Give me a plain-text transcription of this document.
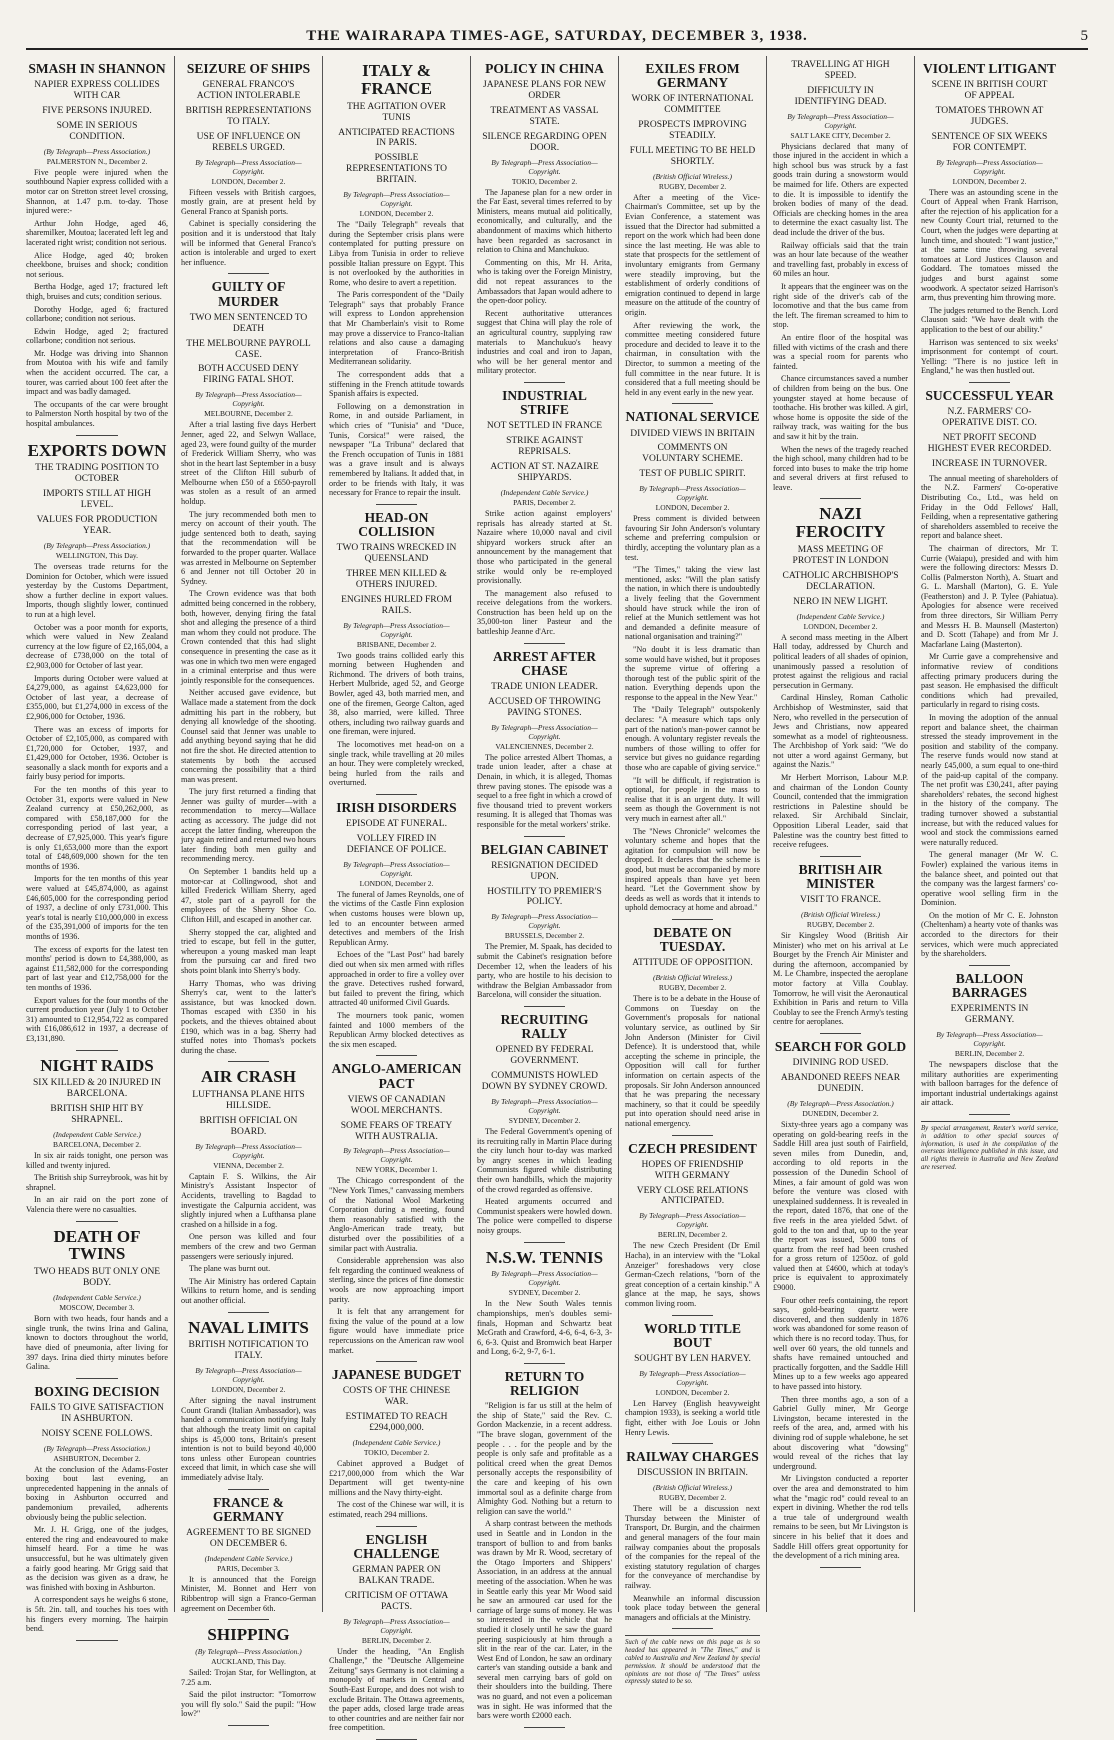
THE WAIRARAPA TIMES-AGE, SATURDAY, DECEMBER 3, 1938.	5
SMASH IN SHANNON
NAPIER EXPRESS COLLIDES WITH CAR
FIVE PERSONS INJURED.
SOME IN SERIOUS CONDITION.
(By Telegraph—Press Association.)
PALMERSTON N., December 2.

Five people were injured when the southbound Napier express collided with a motor car on Stretton street level crossing, Shannon, at 1.47 p.m. to-day. Those injured were:-

Arthur John Hodge, aged 46, sharemilker, Moutoa; lacerated left leg and lacerated right wrist; condition not serious.

Alice Hodge, aged 40; broken cheekbone, bruises and shock; condition not serious.

Bertha Hodge, aged 17; fractured left thigh, bruises and cuts; condition serious.

Dorothy Hodge, aged 6; fractured collarbone; condition not serious.

Edwin Hodge, aged 2; fractured collarbone; condition not serious.

Mr. Hodge was driving into Shannon from Moutoa with his wife and family when the accident occurred. The car, a tourer, was carried about 100 feet after the impact and was badly damaged.

The occupants of the car were brought to Palmerston North hospital by two of the hospital ambulances.

EXPORTS DOWN
THE TRADING POSITION TO OCTOBER
IMPORTS STILL AT HIGH LEVEL.
VALUES FOR PRODUCTION YEAR.
(By Telegraph—Press Association.)
WELLINGTON, This Day.

The overseas trade returns for the Dominion for October, which were issued yesterday by the Customs Department, show a further decline in export values. Imports, though slightly lower, continued to run at a high level.

October was a poor month for exports, which were valued in New Zealand currency at the low figure of £2,165,004, a decrease of £738,000 on the total of £2,903,000 for October of last year.

Imports during October were valued at £4,279,000, as against £4,623,000 for October of last year, a decrease of £355,000, but £1,274,000 in excess of the £2,906,000 for October, 1936.

There was an excess of imports for October of £2,105,000, as compared with £1,720,000 for October, 1937, and £1,429,000 for October, 1936. October is seasonally a slack month for exports and a fairly busy period for imports.

For the ten months of this year to October 31, exports were valued in New Zealand currency at £50,262,000, as compared with £58,187,000 for the corresponding period of last year, a decrease of £7,925,000. This year's figure is only £1,653,000 more than the export total of £48,609,000 shown for the ten months of 1936.

Imports for the ten months of this year were valued at £45,874,000, as against £46,605,000 for the corresponding period of 1937, a decline of only £731,000. This year's total is nearly £10,000,000 in excess of the £35,391,000 of imports for the ten months of 1936.

The excess of exports for the latest ten months' period is down to £4,388,000, as against £11,582,000 for the corresponding part of last year and £12,758,000 for the ten months of 1936.

Export values for the four months of the current production year (July 1 to October 31) amounted to £12,954,722 as compared with £16,086,612 in 1937, a decrease of £3,131,890.

NIGHT RAIDS
SIX KILLED & 20 INJURED IN BARCELONA.
BRITISH SHIP HIT BY SHRAPNEL.
(Independent Cable Service.)
BARCELONA, December 2.

In six air raids tonight, one person was killed and twenty injured.

The British ship Surreybrook, was hit by shrapnel.

In an air raid on the port zone of Valencia there were no casualties.

DEATH OF TWINS
TWO HEADS BUT ONLY ONE BODY.
(Independent Cable Service.)
MOSCOW, December 3.

Born with two heads, four hands and a single trunk, the twins Irina and Galina, known to doctors throughout the world, have died of pneumonia, after living for 397 days. Irina died thirty minutes before Galina.

BOXING DECISION
FAILS TO GIVE SATISFACTION IN ASHBURTON.
NOISY SCENE FOLLOWS.
(By Telegraph—Press Association.)
ASHBURTON, December 2.

At the conclusion of the Adams-Foster boxing bout last evening, an unprecedented happening in the annals of boxing in Ashburton occurred and pandemonium prevailed, adherents obviously being the public selection.

Mr. J. H. Grigg, one of the judges, entered the ring and endeavoured to make himself heard. For a time he was unsuccessful, but he was ultimately given a fairly good hearing. Mr Grigg said that as the decision was given as a draw, he was finished with boxing in Ashburton.

A correspondent says he weighs 6 stone, is 5ft. 2in. tall, and touches his toes with his fingers every morning. The hairpin bend.

SEIZURE OF SHIPS
GENERAL FRANCO'S ACTION INTOLERABLE
BRITISH REPRESENTATIONS TO ITALY.
USE OF INFLUENCE ON REBELS URGED.
By Telegraph—Press Association—Copyright.
LONDON, December 2.

Fifteen vessels with British cargoes, mostly grain, are at present held by General Franco at Spanish ports.

Cabinet is specially considering the position and it is understood that Italy will be informed that General Franco's action is intolerable and urged to exert her influence.

GUILTY OF MURDER
TWO MEN SENTENCED TO DEATH
THE MELBOURNE PAYROLL CASE.
BOTH ACCUSED DENY FIRING FATAL SHOT.
By Telegraph—Press Association—Copyright.
MELBOURNE, December 2.

After a trial lasting five days Herbert Jenner, aged 22, and Selwyn Wallace, aged 23, were found guilty of the murder of Frederick William Sherry, who was shot in the heart last September in a busy street of the Clifton Hill suburb of Melbourne when £50 of a £650-payroll was stolen as a result of an armed holdup.

The jury recommended both men to mercy on account of their youth. The judge sentenced both to death, saying that the recommendation will be forwarded to the proper quarter. Wallace was arrested in Melbourne on September 6 and Jenner not till October 20 in Sydney.

The Crown evidence was that both admitted being concerned in the robbery, both, however, denying firing the fatal shot and alleging the presence of a third man whom they could not produce. The Crown contended that this had slight consequence in presenting the case as it was one in which two men were engaged in a criminal enterprise and thus were jointly responsible for the consequences.

Neither accused gave evidence, but Wallace made a statement from the dock admitting his part in the robbery, but denying all knowledge of the shooting. Counsel said that Jenner was unable to add anything beyond saying that he did not fire the shot. He directed attention to statements by both the accused concerning the possibility that a third man was present.

The jury first returned a finding that Jenner was guilty of murder—with a recommendation to mercy—Wallace acting as accessory. The judge did not accept the latter finding, whereupon the jury again retired and returned two hours later finding both men guilty and recommending mercy.

On September 1 bandits held up a motor-car at Collingwood, shot and killed Frederick William Sherry, aged 47, stole part of a payroll for the employees of the Sherry Shoe Co. Clifton Hill, and escaped in another car.

Sherry stopped the car, alighted and tried to escape, but fell in the gutter, whereupon a young masked man leapt from the pursuing car and fired two shots point blank into Sherry's body.

Harry Thomas, who was driving Sherry's car, went to the latter's assistance, but was knocked down. Thomas escaped with £350 in his pockets, and the thieves obtained about £190, which was in a bag. Sherry had stuffed notes into Thomas's pockets during the chase.

AIR CRASH
LUFTHANSA PLANE HITS HILLSIDE.
BRITISH OFFICIAL ON BOARD.
By Telegraph—Press Association—Copyright.
VIENNA, December 2.

Captain F. S. Wilkins, the Air Ministry's Assistant Inspector of Accidents, travelling to Bagdad to investigate the Calpurnia accident, was slightly injured when a Lufthansa plane crashed on a hillside in a fog.

One person was killed and four members of the crew and two German passengers were seriously injured.

The plane was burnt out.

The Air Ministry has ordered Captain Wilkins to return home, and is sending out another official.

NAVAL LIMITS
BRITISH NOTIFICATION TO ITALY.
By Telegraph—Press Association—Copyright.
LONDON, December 2.

After signing the naval instrument Count Grandi (Italian Ambassador), was handed a communication notifying Italy that although the treaty limit on capital ships is 45,000 tons, Britain's present intention is not to build beyond 40,000 tons unless other European countries exceed that limit, in which case she will immediately advise Italy.

FRANCE & GERMANY
AGREEMENT TO BE SIGNED ON DECEMBER 6.
(Independent Cable Service.)
PARIS, December 3.

It is announced that the Foreign Minister, M. Bonnet and Herr von Ribbentrop will sign a Franco-German agreement on December 6th.

SHIPPING
(By Telegraph—Press Association.)
AUCKLAND, This Day.

Sailed: Trojan Star, for Wellington, at 7.25 a.m.

Said the pilot instructor: "Tomorrow you will fly solo." Said the pupil: "How low?"

ITALY & FRANCE
THE AGITATION OVER TUNIS
ANTICIPATED REACTIONS IN PARIS.
POSSIBLE REPRESENTATIONS TO BRITAIN.
By Telegraph—Press Association—Copyright.
LONDON, December 2.

The "Daily Telegraph" reveals that during the September crisis plans were contemplated for putting pressure on Libya from Tunisia in order to relieve possible Italian pressure on Egypt. This is not overlooked by the authorities in Rome, who desire to avert a repetition.

The Paris correspondent of the "Daily Telegraph" says that probably France will express to London apprehension that Mr Chamberlain's visit to Rome may prove a disservice to Franco-Italian relations and also cause a damaging interpretation of Franco-British Mediterranean solidarity.

The correspondent adds that a stiffening in the French attitude towards Spanish affairs is expected.

Following on a demonstration in Rome, in and outside Parliament, in which cries of "Tunisia" and "Duce, Tunis, Corsica!" were raised, the newspaper "La Tribuna" declared that the French occupation of Tunis in 1881 was a grave insult and is always remembered by Italians. It added that, in order to be friends with Italy, it was necessary for France to repair the insult.

HEAD-ON COLLISION
TWO TRAINS WRECKED IN QUEENSLAND
THREE MEN KILLED & OTHERS INJURED.
ENGINES HURLED FROM RAILS.
By Telegraph—Press Association—Copyright.
BRISBANE, December 2.

Two goods trains collided early this morning between Hughenden and Richmond. The drivers of both trains, Herbert Mulbride, aged 52, and George Bowler, aged 43, both married men, and one of the firemen, George Calton, aged 38, also married, were killed. Three others, including two railway guards and one fireman, were injured.

The locomotives met head-on on a single track, while travelling at 20 miles an hour. They were completely wrecked, being hurled from the rails and overturned.

IRISH DISORDERS
EPISODE AT FUNERAL.
VOLLEY FIRED IN DEFIANCE OF POLICE.
By Telegraph—Press Association—Copyright.
LONDON, December 2.

The funeral of James Reynolds, one of the victims of the Castle Finn explosion when customs houses were blown up, led to an encounter between armed detectives and members of the Irish Republican Army.

Echoes of the "Last Post" had barely died out when six men armed with rifles approached in order to fire a volley over the grave. Detectives rushed forward, but failed to prevent the firing, which attracted 40 uniformed Civil Guards.

The mourners took panic, women fainted and 1000 members of the Republican Army blocked detectives as the six men escaped.

ANGLO-AMERICAN PACT
VIEWS OF CANADIAN WOOL MERCHANTS.
SOME FEARS OF TREATY WITH AUSTRALIA.
By Telegraph—Press Association—Copyright.
NEW YORK, December 1.

The Chicago correspondent of the "New York Times," canvassing members of the National Wool Marketing Corporation during a meeting, found them reasonably satisfied with the Anglo-American trade treaty, but disturbed over the possibilities of a similar pact with Australia.

Considerable apprehension was also felt regarding the continued weakness of sterling, since the prices of fine domestic wools are now approaching import parity.

It is felt that any arrangement for fixing the value of the pound at a low figure would have immediate price repercussions on the American raw wool market.

JAPANESE BUDGET
COSTS OF THE CHINESE WAR.
ESTIMATED TO REACH £294,000,000.
(Independent Cable Service.)
TOKIO, December 2.

Cabinet approved a Budget of £217,000,000 from which the War Department will get twenty-nine millions and the Navy thirty-eight.

The cost of the Chinese war will, it is estimated, reach 294 millions.

ENGLISH CHALLENGE
GERMAN PAPER ON BALKAN TRADE.
CRITICISM OF OTTAWA PACTS.
By Telegraph—Press Association—Copyright.
BERLIN, December 2.

Under the heading, "An English Challenge," the "Deutsche Allgemeine Zeitung" says Germany is not claiming a monopoly of markets in Central and South-East Europe, and does not wish to exclude Britain. The Ottawa agreements, the paper adds, closed large trade areas to other countries and are neither fair nor free competition.

POLICY IN CHINA
JAPANESE PLANS FOR NEW ORDER
TREATMENT AS VASSAL STATE.
SILENCE REGARDING OPEN DOOR.
By Telegraph—Press Association—Copyright.
TOKIO, December 2.

The Japanese plan for a new order in the Far East, several times referred to by Ministers, means mutual aid politically, economically, and culturally, and the abandonment of maxims which hitherto have been regarded as sacrosanct in relation to China and Manchukuo.

Commenting on this, Mr H. Arita, who is taking over the Foreign Ministry, did not repeat assurances to the Ambassadors that Japan would adhere to the open-door policy.

Recent authoritative utterances suggest that China will play the role of an agricultural country, supplying raw materials to Manchukuo's heavy industries and coal and iron to Japan, who will be her general mentor and military protector.

INDUSTRIAL STRIFE
NOT SETTLED IN FRANCE
STRIKE AGAINST REPRISALS.
ACTION AT ST. NAZAIRE SHIPYARDS.
(Independent Cable Service.)
PARIS, December 2.

Strike action against employers' reprisals has already started at St. Nazaire where 10,000 naval and civil shipyard workers struck after an announcement by the management that those who participated in the general strike would only be re-employed provisionally.

The management also refused to receive delegations from the workers. Construction has been held up on the 35,000-ton liner Pasteur and the battleship Jeanne d'Arc.

ARREST AFTER CHASE
TRADE UNION LEADER.
ACCUSED OF THROWING PAVING STONES.
By Telegraph—Press Association—Copyright.
VALENCIENNES, December 2.

The police arrested Albert Thomas, a trade union leader, after a chase at Denain, in which, it is alleged, Thomas threw paving stones. The episode was a sequel to a free fight in which a crowd of five thousand tried to prevent workers resuming. It is alleged that Thomas was responsible for the metal workers' strike.

BELGIAN CABINET
RESIGNATION DECIDED UPON.
HOSTILITY TO PREMIER'S POLICY.
By Telegraph—Press Association—Copyright.
BRUSSELS, December 2.

The Premier, M. Spaak, has decided to submit the Cabinet's resignation before December 12, when the leaders of his party, who are hostile to his decision to withdraw the Belgian Ambassador from Barcelona, will consider the situation.

RECRUITING RALLY
OPENED BY FEDERAL GOVERNMENT.
COMMUNISTS HOWLED DOWN BY SYDNEY CROWD.
By Telegraph—Press Association—Copyright.
SYDNEY, December 2.

The Federal Government's opening of its recruiting rally in Martin Place during the city lunch hour to-day was marked by angry scenes in which leading Communists figured while distributing their own handbills, which the majority of the crowd regarded as offensive.

Heated arguments occurred and Communist speakers were howled down. The police were compelled to disperse noisy groups.

N.S.W. TENNIS
By Telegraph—Press Association—Copyright.
SYDNEY, December 2.

In the New South Wales tennis championships, men's doubles semi-finals, Hopman and Schwartz beat McGrath and Crawford, 4-6, 6-4, 6-3, 3-6, 6-3. Quist and Bromwich beat Harper and Long, 6-2, 9-7, 6-1.

RETURN TO RELIGION

"Religion is far us still at the helm of the ship of State," said the Rev. C. Gordon Mackenzie, in a recent address. "The brave slogan, government of the people . . . for the people and by the people is only safe and profitable as a political creed when the great Demos personally accepts the responsibility of the care and keeping of his own immortal soul as a definite charge from Almighty God. Nothing but a return to religion can save the world."

A sharp contrast between the methods used in Seattle and in London in the transport of bullion to and from banks was drawn by Mr R. Wood, secretary of the Otago Importers and Shippers' Association, in an address at the annual meeting of the association. When he was in Seattle early this year Mr Wood said he saw an armoured car used for the carriage of large sums of money. He was so interested in the vehicle that he studied it closely until he saw the guard peering suspiciously at him through a slit in the rear of the car. Later, in the West End of London, he saw an ordinary carter's van standing outside a bank and several men carrying bars of gold on their shoulders into the building. There was no guard, and not even a policeman was in sight. He was informed that the bars were worth £2000 each.

EXILES FROM GERMANY
WORK OF INTERNATIONAL COMMITTEE
PROSPECTS IMPROVING STEADILY.
FULL MEETING TO BE HELD SHORTLY.
(British Official Wireless.)
RUGBY, December 2.

After a meeting of the Vice-Chairman's Committee, set up by the Evian Conference, a statement was issued that the Director had submitted a report on the work which had been done since the last meeting. He was able to state that prospects for the settlement of involuntary emigrants from Germany were steadily improving, but the establishment of orderly conditions of emigration continued to depend in large measure on the attitude of the country of origin.

After reviewing the work, the committee meeting considered future procedure and decided to leave it to the chairman, in consultation with the Director, to summon a meeting of the full committee in the near future. It is considered that a full meeting should be held in any event early in the new year.

NATIONAL SERVICE
DIVIDED VIEWS IN BRITAIN
COMMENTS ON VOLUNTARY SCHEME.
TEST OF PUBLIC SPIRIT.
By Telegraph—Press Association—Copyright.
LONDON, December 2.

Press comment is divided between favouring Sir John Anderson's voluntary scheme and preferring compulsion or thirdly, accepting the voluntary plan as a test.

"The Times," taking the view last mentioned, asks: "Will the plan satisfy the nation, in which there is undoubtedly a lively feeling that the Government should have struck while the iron of relief at the Munich settlement was hot and demanded a definite measure of national organisation and training?"

"No doubt it is less dramatic than some would have wished, but it proposes the supreme virtue of offering a thorough test of the public spirit of the nation. Everything depends upon the response to the appeal in the New Year."

The "Daily Telegraph" outspokenly declares: "A measure which taps only part of the nation's man-power cannot be enough. A voluntary register reveals the numbers of those willing to offer for service but gives no guidance regarding those who are capable of giving service."

"It will be difficult, if registration is optional, for people in the mass to realise that it is an urgent duty. It will seem as though the Government is not very much in earnest after all."

The "News Chronicle" welcomes the voluntary scheme and hopes that the agitation for compulsion will now be dropped. It declares that the scheme is good, but must be accompanied by more inspired appeals than have yet been heard. "Let the Government show by deeds as well as words that it intends to uphold democracy at home and abroad."

DEBATE ON TUESDAY.
ATTITUDE OF OPPOSITION.
(British Official Wireless.)
RUGBY, December 2.

There is to be a debate in the House of Commons on Tuesday on the Government's proposals for national voluntary service, as outlined by Sir John Anderson (Minister for Civil Defence). It is understood that, while accepting the scheme in principle, the Opposition will call for further information on certain aspects of the proposals. Sir John Anderson announced that he was preparing the necessary machinery, so that it could be speedily put into operation should need arise in national emergency.

CZECH PRESIDENT
HOPES OF FRIENDSHIP WITH GERMANY
VERY CLOSE RELATIONS ANTICIPATED.
By Telegraph—Press Association—Copyright.
BERLIN, December 2.

The new Czech President (Dr Emil Hacha), in an interview with the "Lokal Anzeiger" foreshadows very close German-Czech relations, "born of the great conception of a certain kinship." A glance at the map, he says, shows common living room.

WORLD TITLE BOUT
SOUGHT BY LEN HARVEY.
By Telegraph—Press Association—Copyright.
LONDON, December 2.

Len Harvey (English heavyweight champion 1933), is seeking a world title fight, either with Joe Louis or John Henry Lewis.

RAILWAY CHARGES
DISCUSSION IN BRITAIN.
(British Official Wireless.)
RUGBY, December 2.

There will be a discussion next Thursday between the Minister of Transport, Dr. Burgin, and the chairmen and general managers of the four main railway companies about the proposals of the companies for the repeal of the existing statutory regulation of charges for the conveyance of merchandise by railway.

Meanwhile an informal discussion took place today between the general managers and officials at the Ministry.

Such of the cable news on this page as is so headed has appeared in "The Times," and is cabled to Australia and New Zealand by special permission. It should be understood that the opinions are not those of "The Times" unless expressly stated to be so.
TRAVELLING AT HIGH SPEED.
DIFFICULTY IN IDENTIFYING DEAD.
By Telegraph—Press Association—Copyright.
SALT LAKE CITY, December 2.

Physicians declared that many of those injured in the accident in which a high school bus was struck by a fast goods train during a snowstorm would be maimed for life. Others are expected to die. It is impossible to identify the broken bodies of many of the dead. Officials are checking homes in the area to determine the exact casualty list. The dead include the driver of the bus.

Railway officials said that the train was an hour late because of the weather and travelling fast, probably in excess of 60 miles an hour.

It appears that the engineer was on the right side of the driver's cab of the locomotive and that the bus came from the left. The fireman screamed to him to stop.

An entire floor of the hospital was filled with victims of the crash and there was a special room for parents who fainted.

Chance circumstances saved a number of children from being on the bus. One youngster stayed at home because of toothache. His brother was killed. A girl, whose home is opposite the side of the railway track, was waiting for the bus and saw it hit by the train.

When the news of the tragedy reached the high school, many children had to be forced into buses to make the trip home and several drivers at first refused to leave.

NAZI FEROCITY
MASS MEETING OF PROTEST IN LONDON
CATHOLIC ARCHBISHOP'S DECLARATION.
NERO IN NEW LIGHT.
(Independent Cable Service.)
LONDON, December 2.

A second mass meeting in the Albert Hall today, addressed by Church and political leaders of all shades of opinion, unanimously passed a resolution of protest against the religious and racial persecution in Germany.

Cardinal Hinsley, Roman Catholic Archbishop of Westminster, said that Nero, who revelled in the persecution of Jews and Christians, now appeared somewhat as a model of righteousness. The Archbishop of York said: "We do not utter a word against Germany, but against the Nazis."

Mr Herbert Morrison, Labour M.P. and chairman of the London County Council, contended that the immigration restrictions in Palestine should be relaxed. Sir Archibald Sinclair, Opposition Liberal Leader, said that Palestine was the country best fitted to receive refugees.

BRITISH AIR MINISTER
VISIT TO FRANCE.
(British Official Wireless.)
RUGBY, December 2.

Sir Kingsley Wood (British Air Minister) who met on his arrival at Le Bourget by the French Air Minister and during the afternoon, accompanied by M. Le Chambre, inspected the aeroplane motor factory at Villa Coublay. Tomorrow, he will visit the Aeronautical Exhibition in Paris and return to Villa Coublay to see the French Army's testing centre for aeroplanes.

SEARCH FOR GOLD
DIVINING ROD USED.
ABANDONED REEFS NEAR DUNEDIN.
(By Telegraph—Press Association.)
DUNEDIN, December 2.

Sixty-three years ago a company was operating on gold-bearing reefs in the Saddle Hill area just south of Fairfield, seven miles from Dunedin, and, according to old reports in the possession of the Dunedin School of Mines, a fair amount of gold was won before the venture was closed with unexplained suddenness. It is revealed in the report, dated 1876, that one of the five reefs in the area yielded 5dwt. of gold to the ton and that, up to the year the report was issued, 5000 tons of quartz from the reef had been crushed for a gross return of 1250oz. of gold valued then at £4600, which at today's price is equivalent to approximately £9000.

Four other reefs containing, the report says, gold-bearing quartz were discovered, and then suddenly in 1876 work was abandoned for some reason of which there is no record today. Thus, for well over 60 years, the old tunnels and shafts have remained untouched and practically forgotten, and the Saddle Hill Mines up to a few weeks ago appeared to have passed into history.

Then three months ago, a son of a Gabriel Gully miner, Mr George Livingston, became interested in the reefs of the area, and, armed with his divining rod of supple whalebone, he set about discovering what "dowsing" would reveal of the riches that lay underground.

Mr Livingston conducted a reporter over the area and demonstrated to him what the "magic rod" could reveal to an expert in divining. Whether the rod tells a true tale of underground wealth remains to be seen, but Mr Livingston is sincere in his belief that it does and Saddle Hill offers great opportunity for the development of a rich mining area.

VIOLENT LITIGANT
SCENE IN BRITISH COURT OF APPEAL
TOMATOES THROWN AT JUDGES.
SENTENCE OF SIX WEEKS FOR CONTEMPT.
By Telegraph—Press Association—Copyright.
LONDON, December 2.

There was an astounding scene in the Court of Appeal when Frank Harrison, after the rejection of his application for a new County Court trial, returned to the Court, when the judges were departing at lunch time, and shouted: "I want justice," at the same time throwing several tomatoes at Lord Justices Clauson and Goddard. The tomatoes missed the judges and burst against some woodwork. A spectator seized Harrison's arm, thus preventing him throwing more.

The judges returned to the Bench. Lord Clauson said: "We have dealt with the application to the best of our ability."

Harrison was sentenced to six weeks' imprisonment for contempt of court. Yelling: "There is no justice left in England," he was then hustled out.

SUCCESSFUL YEAR
N.Z. FARMERS' CO-OPERATIVE DIST. CO.
NET PROFIT SECOND HIGHEST EVER RECORDED.
INCREASE IN TURNOVER.

The annual meeting of shareholders of the N.Z. Farmers' Co-operative Distributing Co., Ltd., was held on Friday in the Odd Fellows' Hall, Feilding, when a representative gathering of shareholders assembled to receive the report and balance sheet.

The chairman of directors, Mr T. Currie (Waiapu), presided and with him were the following directors: Messrs D. Collis (Palmerston North), A. Stuart and G. L. Marshall (Marton), G. E. Yule (Featherston) and J. P. Tylee (Pahiatua). Apologies for absence were received from three directors, Sir William Perry and Messrs H. B. Maunsell (Masterton) and D. Scott (Tahape) and from Mr J. Macfarlane Laing (Masterton).

Mr Currie gave a comprehensive and informative review of conditions affecting primary producers during the past season. He emphasised the difficult conditions which had prevailed, particularly in regard to rising costs.

In moving the adoption of the annual report and balance sheet, the chairman stressed the steady improvement in the position and stability of the company. The reserve funds would now stand at nearly £45,000, a sum equal to one-third of the paid-up capital of the company. The net profit was £30,241, after paying shareholders' rebates, the second highest in the history of the company. The trading turnover showed a substantial increase, but with the reduced values for wool and stock the commissions earned were naturally reduced.

The general manager (Mr W. C. Fowler) explained the various items in the balance sheet, and pointed out that the company was the largest farmers' co-operative wool selling firm in the Dominion.

On the motion of Mr C. E. Johnston (Cheltenham) a hearty vote of thanks was accorded to the directors for their services, which were much appreciated by the shareholders.

BALLOON BARRAGES
EXPERIMENTS IN GERMANY.
By Telegraph—Press Association—Copyright.
BERLIN, December 2.

The newspapers disclose that the military authorities are experimenting with balloon barrages for the defence of important industrial undertakings against air attack.

By special arrangement, Reuter's world service, in addition to other special sources of information, is used in the compilation of the overseas intelligence published in this issue, and all rights therein in Australia and New Zealand are reserved.
